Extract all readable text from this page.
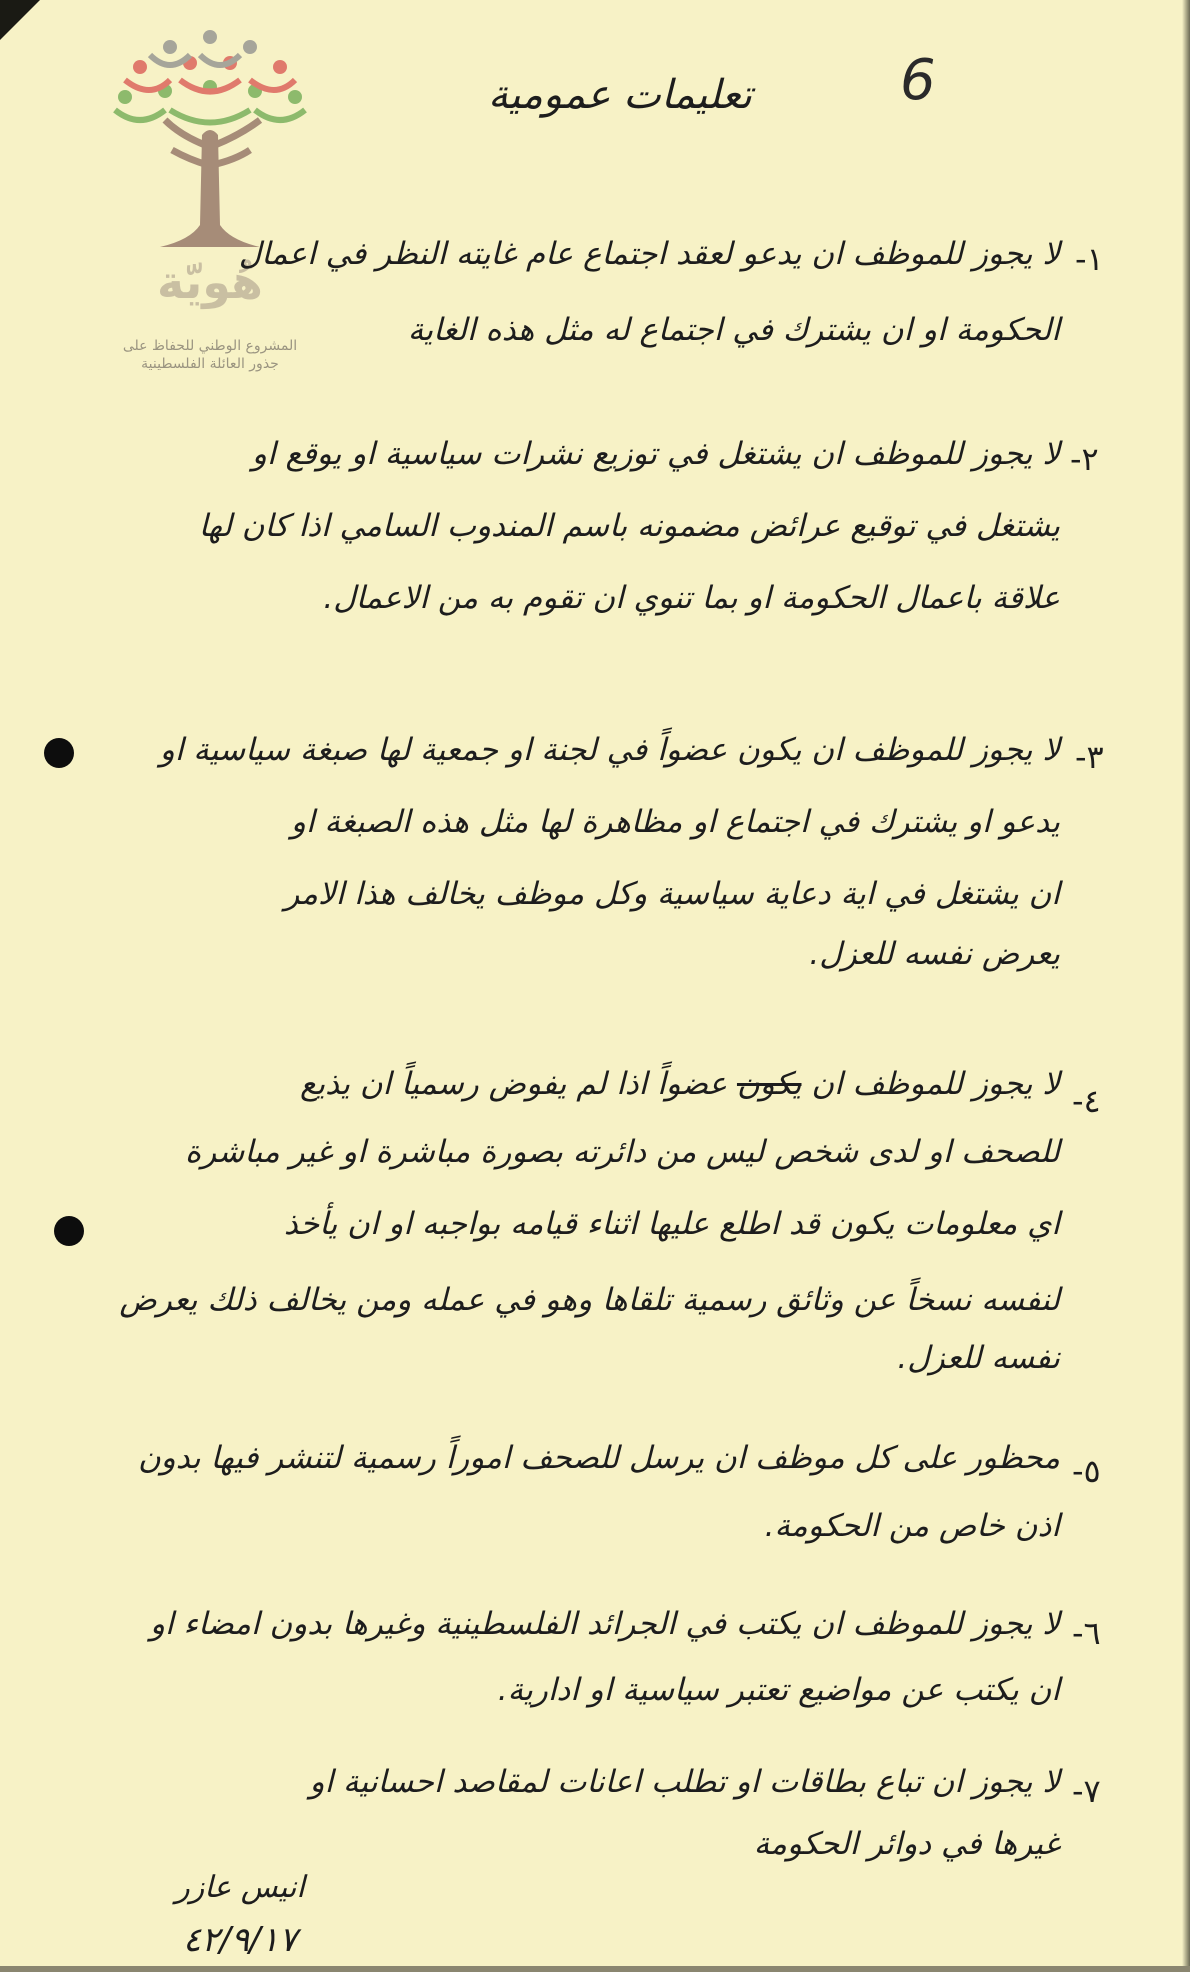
هُويّة
المشروع الوطني للحفاظ على
جذور العائلة الفلسطينية
6
تعليمات عمومية
١-
لا يجوز للموظف ان يدعو لعقد اجتماع عام غايته النظر في اعمال
الحكومة او ان يشترك في اجتماع له مثل هذه الغاية
٢-
لا يجوز للموظف ان يشتغل في توزيع نشرات سياسية او يوقع او
يشتغل في توقيع عرائض مضمونه باسم المندوب السامي اذا كان لها
علاقة باعمال الحكومة او بما تنوي ان تقوم به من الاعمال.
٣-
لا يجوز للموظف ان يكون عضواً في لجنة او جمعية لها صبغة سياسية او
يدعو او يشترك في اجتماع او مظاهرة لها مثل هذه الصبغة او
ان يشتغل في اية دعاية سياسية وكل موظف يخالف هذا الامر
يعرض نفسه للعزل.
٤-
لا يجوز للموظف ان يكون عضواً اذا لم يفوض رسمياً ان يذيع
للصحف او لدى شخص ليس من دائرته بصورة مباشرة او غير مباشرة
اي معلومات يكون قد اطلع عليها اثناء قيامه بواجبه او ان يأخذ
لنفسه نسخاً عن وثائق رسمية تلقاها وهو في عمله ومن يخالف ذلك يعرض
نفسه للعزل.
٥-
محظور على كل موظف ان يرسل للصحف اموراً رسمية لتنشر فيها بدون
اذن خاص من الحكومة.
٦-
لا يجوز للموظف ان يكتب في الجرائد الفلسطينية وغيرها بدون امضاء او
ان يكتب عن مواضيع تعتبر سياسية او ادارية.
٧-
لا يجوز ان تباع بطاقات او تطلب اعانات لمقاصد احسانية او
غيرها في دوائر الحكومة
انيس عازر
٤٢/٩/١٧
